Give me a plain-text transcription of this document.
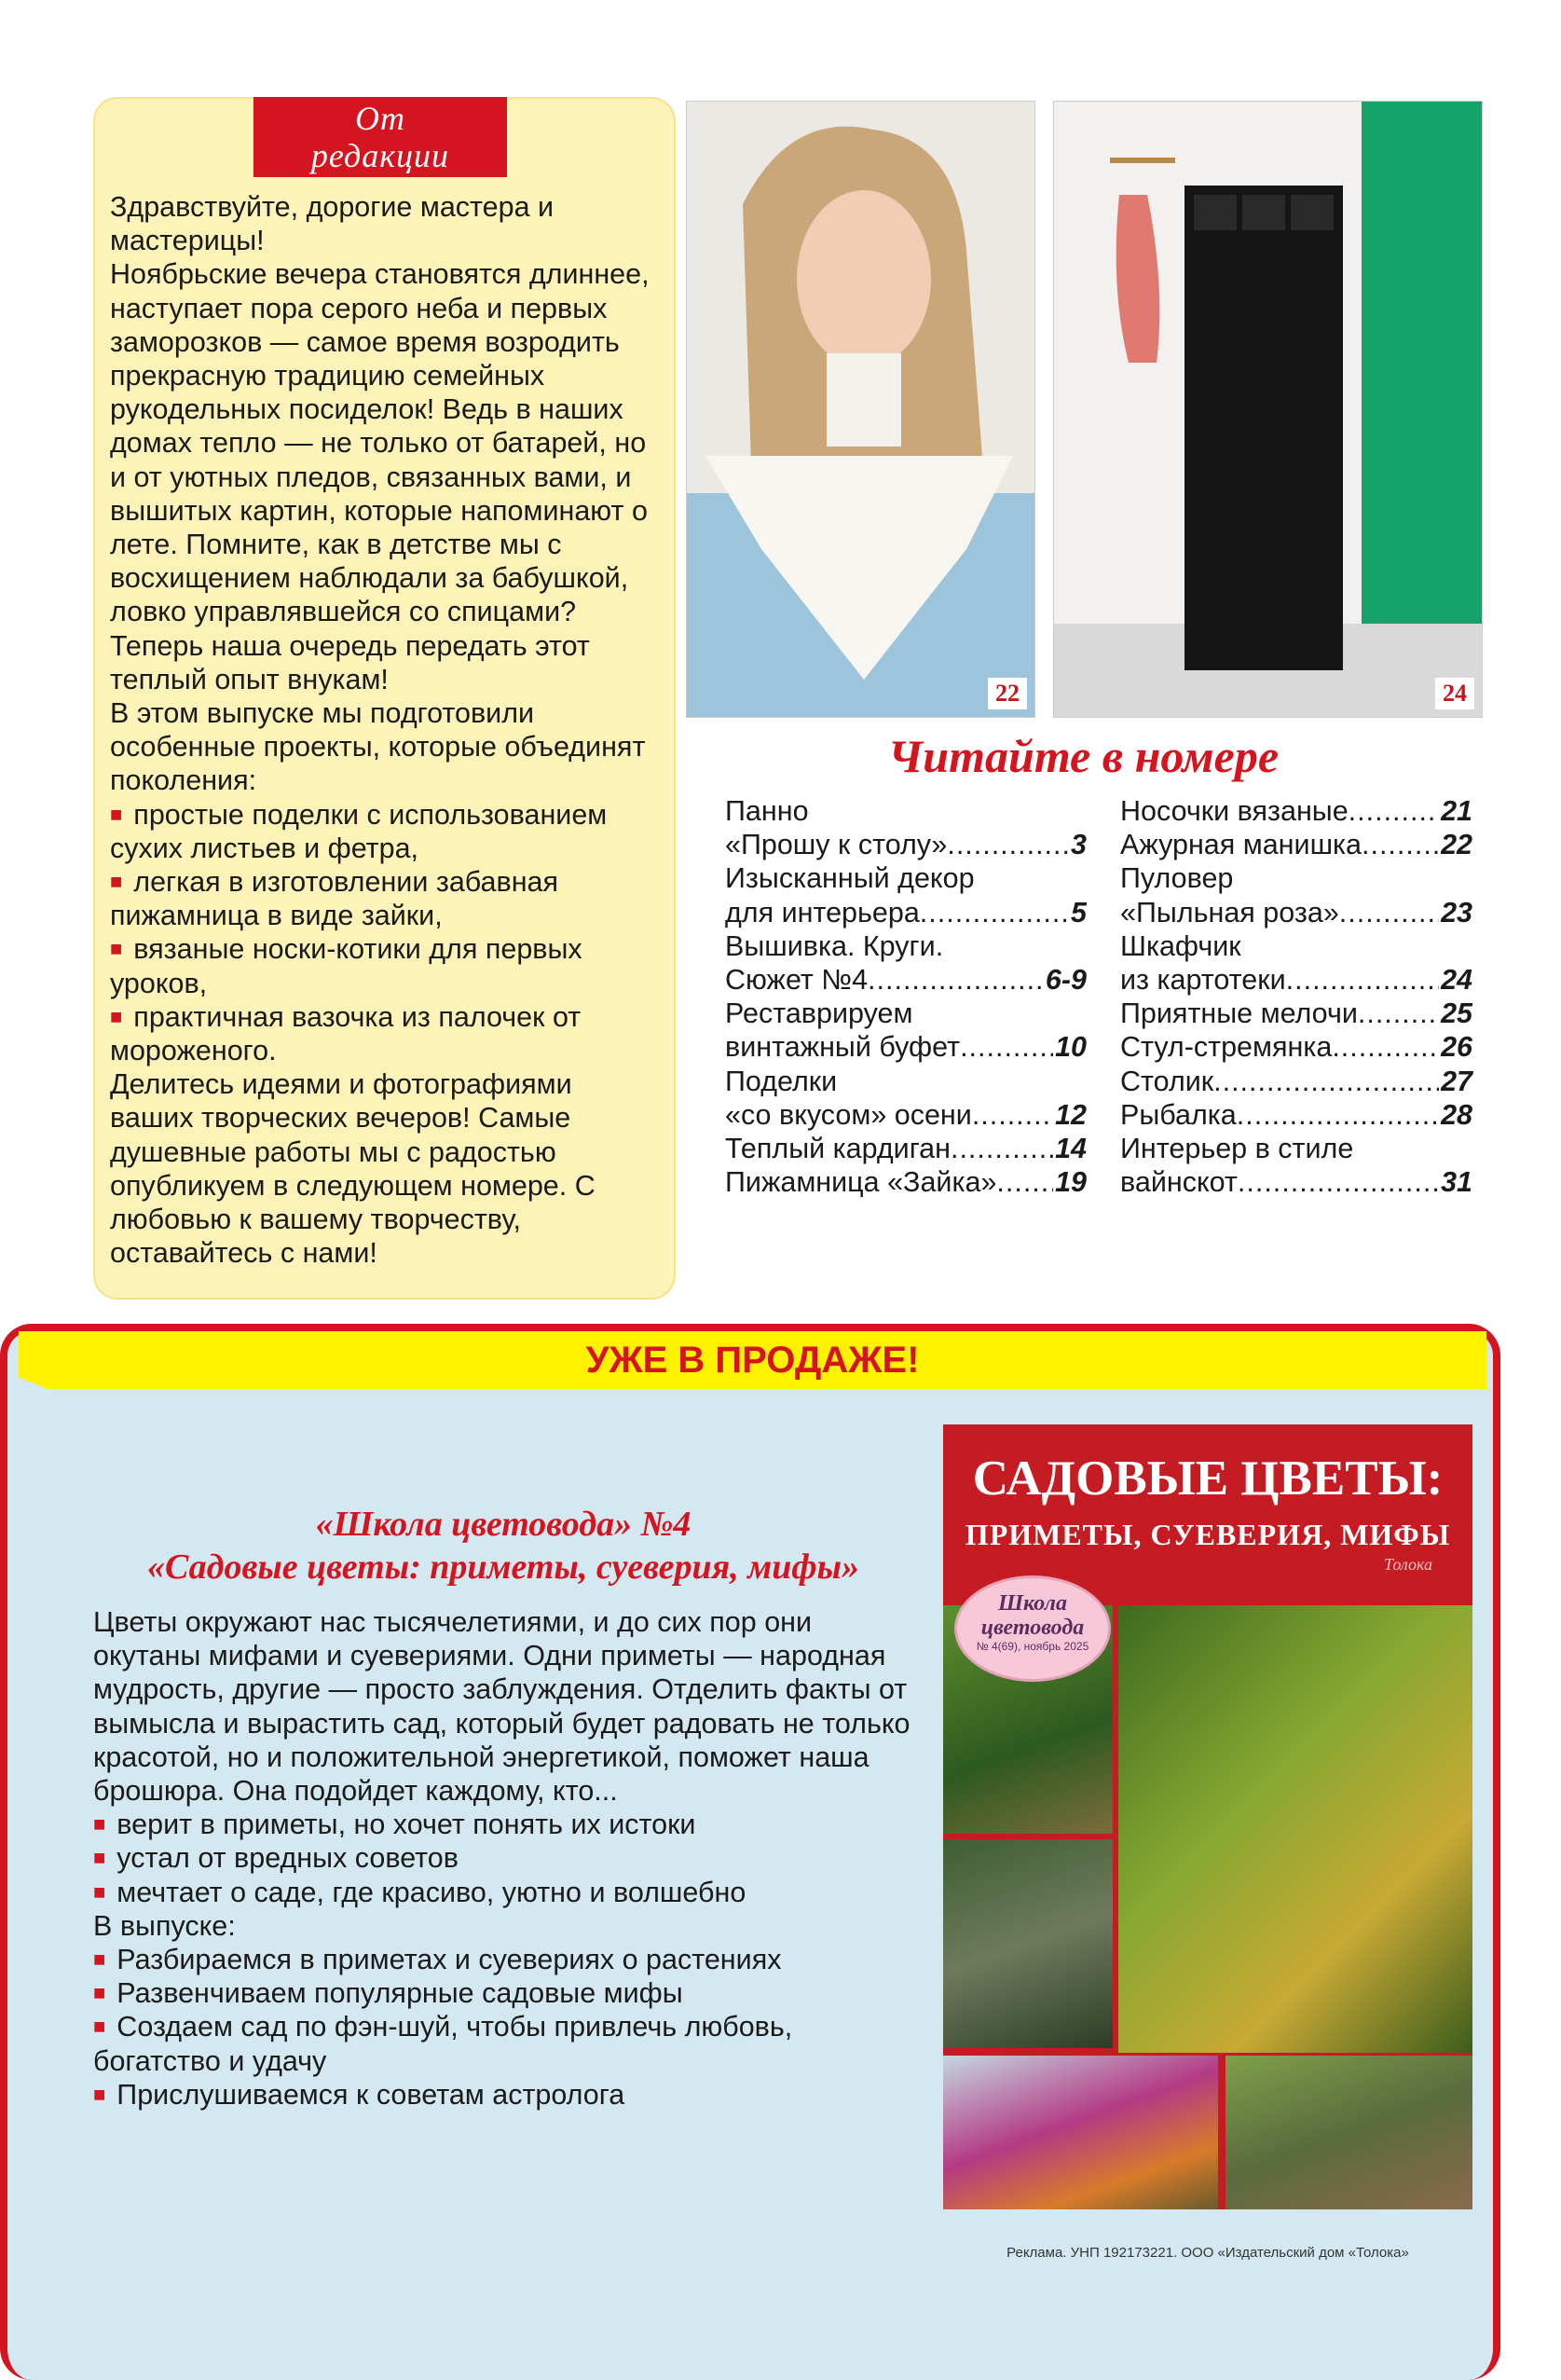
От
редакции

Здравствуйте, дорогие мастера и мастерицы!

Ноябрьские вечера становятся длиннее, наступает пора серого неба и первых заморозков — самое время возродить прекрасную традицию семейных рукодельных посиделок! Ведь в наших домах тепло — не только от батарей, но и от уютных пледов, связанных вами, и вышитых картин, которые напоминают о лете. Помните, как в детстве мы с восхищением наблюдали за бабушкой, ловко управлявшейся со спицами? Теперь наша очередь передать этот теплый опыт внукам!

В этом выпуске мы подготовили особенные проекты, которые объединят поколения:

■ простые поделки с использованием сухих листьев и фетра,

■ легкая в изготовлении забавная пижамница в виде зайки,

■ вязаные носки-котики для первых уроков,

■ практичная вазочка из палочек от мороженого.

Делитесь идеями и фотографиями ваших творческих вечеров! Самые душевные работы мы с радостью опубликуем в следующем номере. С любовью к вашему творчеству, оставайтесь с нами!

22	24
Читайте в номере
Панно
«Прошу к столу» .....	3
Изысканный декор
для интерьера .....	5
Вышивка. Круги.
Сюжет №4 .....	6-9
Реставрируем
винтажный буфет .....	10
Поделки
«со вкусом» осени .....	12
Теплый кардиган .....	14
Пижамница «Зайка» ..... 19
Носочки вязаные .....	21
Ажурная манишка .....	22
Пуловер
«Пыльная роза» .....	23
Шкафчик
из картотеки .....	24
Приятные мелочи .....	25
Стул-стремянка .....	26
Столик .....	27
Рыбалка .....	28
Интерьер в стиле
вайнскот .....	31
УЖЕ В ПРОДАЖЕ!
«Школа цветовода» №4
«Садовые цветы: приметы, суеверия, мифы»

Цветы окружают нас тысячелетиями, и до сих пор они окутаны мифами и суевериями. Одни приметы — народная мудрость, другие — просто заблуждения. Отделить факты от вымысла и вырастить сад, который будет радовать не только красотой, но и положительной энергетикой, поможет наша брошюра. Она подойдет каждому, кто...

■ верит в приметы, но хочет понять их истоки

■ устал от вредных советов

■ мечтает о саде, где красиво, уютно и волшебно

В выпуске:

■ Разбираемся в приметах и суевериях о растениях

■ Развенчиваем популярные садовые мифы

■ Создаем сад по фэн-шуй, чтобы привлечь любовь, богатство и удачу

■ Прислушиваемся к советам астролога

САДОВЫЕ ЦВЕТЫ:
ПРИМЕТЫ, СУЕВЕРИЯ, МИФЫ
Толока
Школа
цветовода
№ 4(69), ноябрь 2025
Реклама. УНП 192173221. ООО «Издательский дом «Толока»
